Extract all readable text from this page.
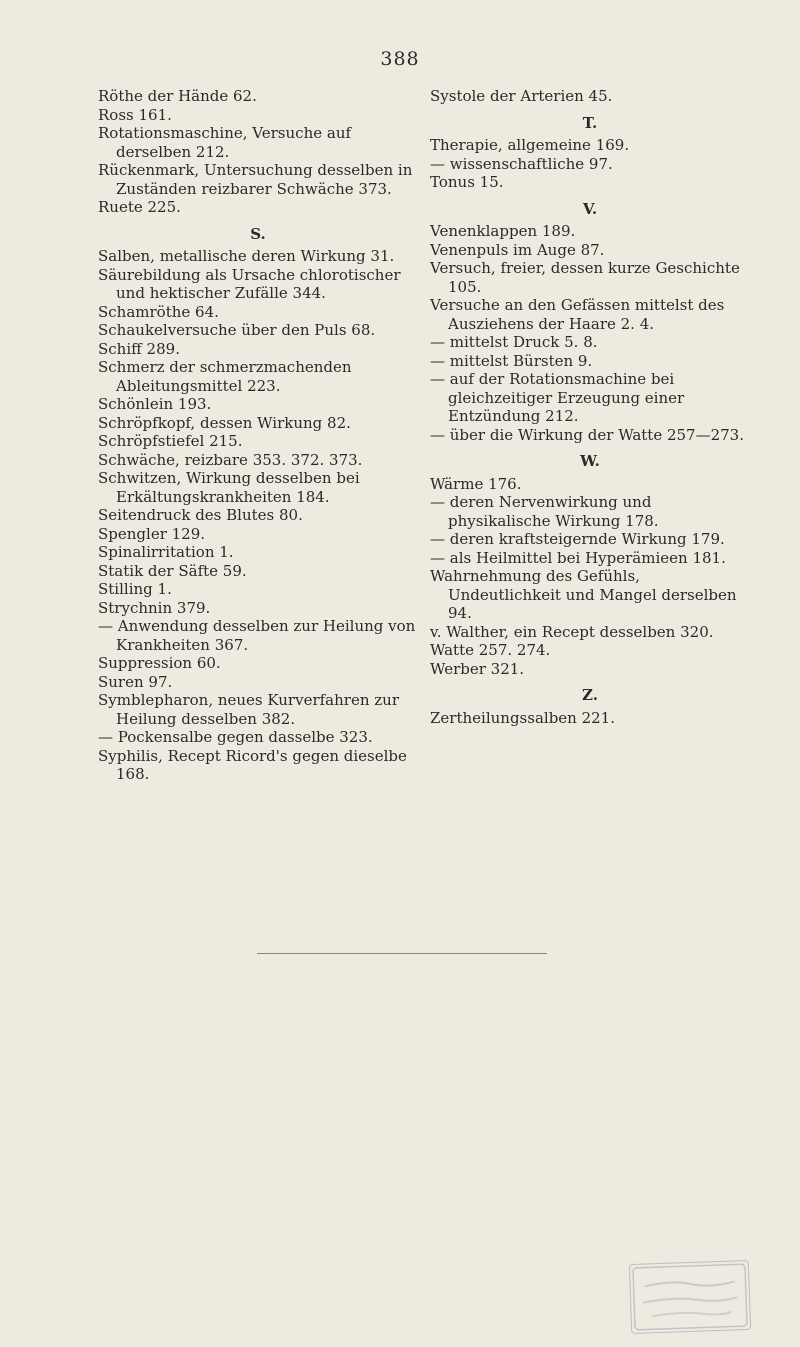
388

Röthe der Hände 62.

Ross 161.

Rotationsmaschine, Versuche auf derselben 212.

Rückenmark, Untersuchung desselben in Zuständen reizbarer Schwäche 373.

Ruete 225.

S.

Salben, metallische deren Wirkung 31.

Säurebildung als Ursache chlorotischer und hektischer Zufälle 344.

Schamröthe 64.

Schaukelversuche über den Puls 68.

Schiff 289.

Schmerz der schmerzmachenden Ableitungsmittel 223.

Schönlein 193.

Schröpfkopf, dessen Wirkung 82.

Schröpfstiefel 215.

Schwäche, reizbare 353. 372. 373.

Schwitzen, Wirkung desselben bei Erkältungskrankheiten 184.

Seitendruck des Blutes 80.

Spengler 129.

Spinalirritation 1.

Statik der Säfte 59.

Stilling 1.

Strychnin 379.

— Anwendung desselben zur Heilung von Krankheiten 367.

Suppression 60.

Suren 97.

Symblepharon, neues Kurverfahren zur Heilung desselben 382.

— Pockensalbe gegen dasselbe 323.

Syphilis, Recept Ricord's gegen dieselbe 168.

Systole der Arterien 45.

T.

Therapie, allgemeine 169.

— wissenschaftliche 97.

Tonus 15.

V.

Venenklappen 189.

Venenpuls im Auge 87.

Versuch, freier, dessen kurze Geschichte 105.

Versuche an den Gefässen mittelst des Ausziehens der Haare 2. 4.

— mittelst Druck 5. 8.

— mittelst Bürsten 9.

— auf der Rotationsmachine bei gleichzeitiger Erzeugung einer Entzündung 212.

— über die Wirkung der Watte 257—273.

W.

Wärme 176.

— deren Nervenwirkung und physikalische Wirkung 178.

— deren kraftsteigernde Wirkung 179.

— als Heilmittel bei Hyperämieen 181.

Wahrnehmung des Gefühls, Undeutlichkeit und Mangel derselben 94.

v. Walther, ein Recept desselben 320.

Watte 257. 274.

Werber 321.

Z.

Zertheilungssalben 221.
